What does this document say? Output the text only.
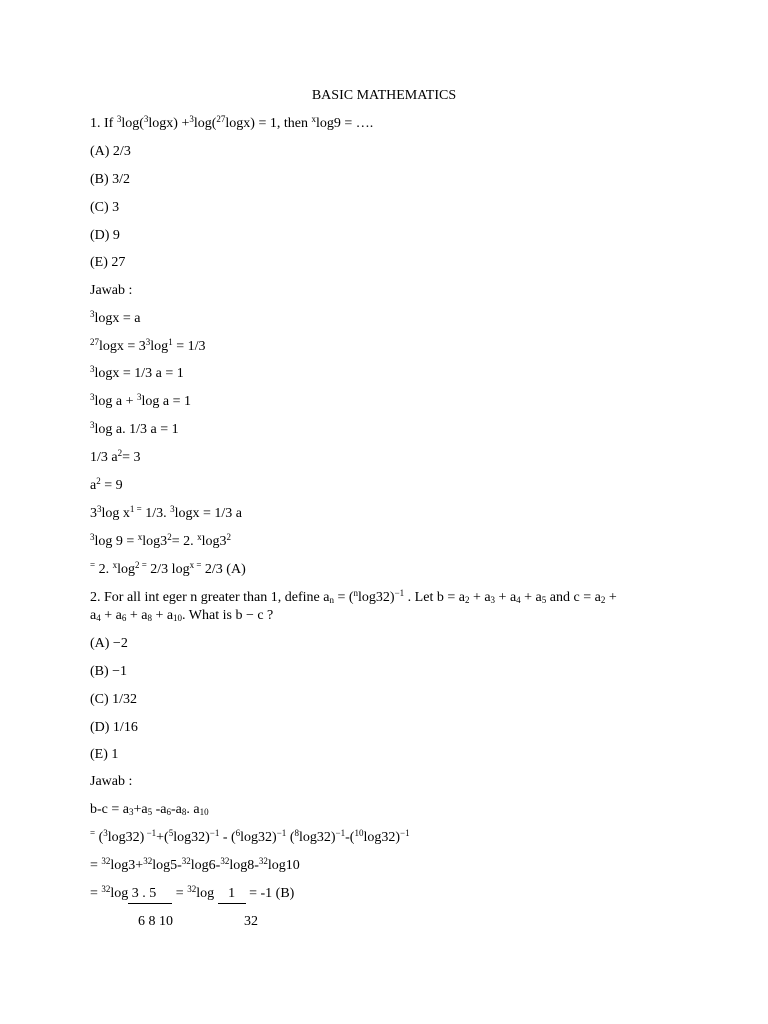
BASIC MATHEMATICS
1. If $^3$log($^3$logx) +$^3$log($^{27}$logx) = 1, then $^x$log9 = ….
(A) 2/3
(B) 3/2
(C) 3
(D) 9
(E) 27
Jawab :
$^3$logx = a
$^{27}\log x = 3^3\log^1 = 1/3$
$^3$logx = 1/3 a = 1
$^3$log a + $^3$log a = 1
$^3$log a. 1/3 a = 1
1/3 $a^2= 3$
$a^2 = 9$
$3^3\log$ $x^{1 =}$ 1/3. $^3$logx = 1/3 a
$^3$log $9 = ^x\log 3^2= 2$. $^x\log 3^2$
= 2. $^x\log^{2 =}$ 2/3 $\log^{x =} 2/3$ (A)
2. For all int eger n greater than 1, define $a_n = (^n\log 32)^{-1}$ . Let $b = a_2 + a_3 + a_4 + a_5$ and $c = a_2$ +
$a_4 + a_6 + a_8 + a_{10}$. What is b − c ?
(A) −2
(B) −1
(C) 1/32
(D) 1/16
(E) 1
Jawab :
$b-c = a_3+a_5$ $-a_6-a_8$. $a_{10}$
= ($^3$log32) $^{-1}+(^5\log 32)^{-1} - (^6\log 32)^{-1}$ $(^8\log 32)^{-1}-(^{10}\log 32)^{-1}$
= $^{32}$log3+$^{32}$log5-$^{32}$log6-$^{32}$log8-$^{32}$log10
= $^{32}$log 3 . 5  = $^{32}$log  1  = -1 (B)
6 8 10	32
